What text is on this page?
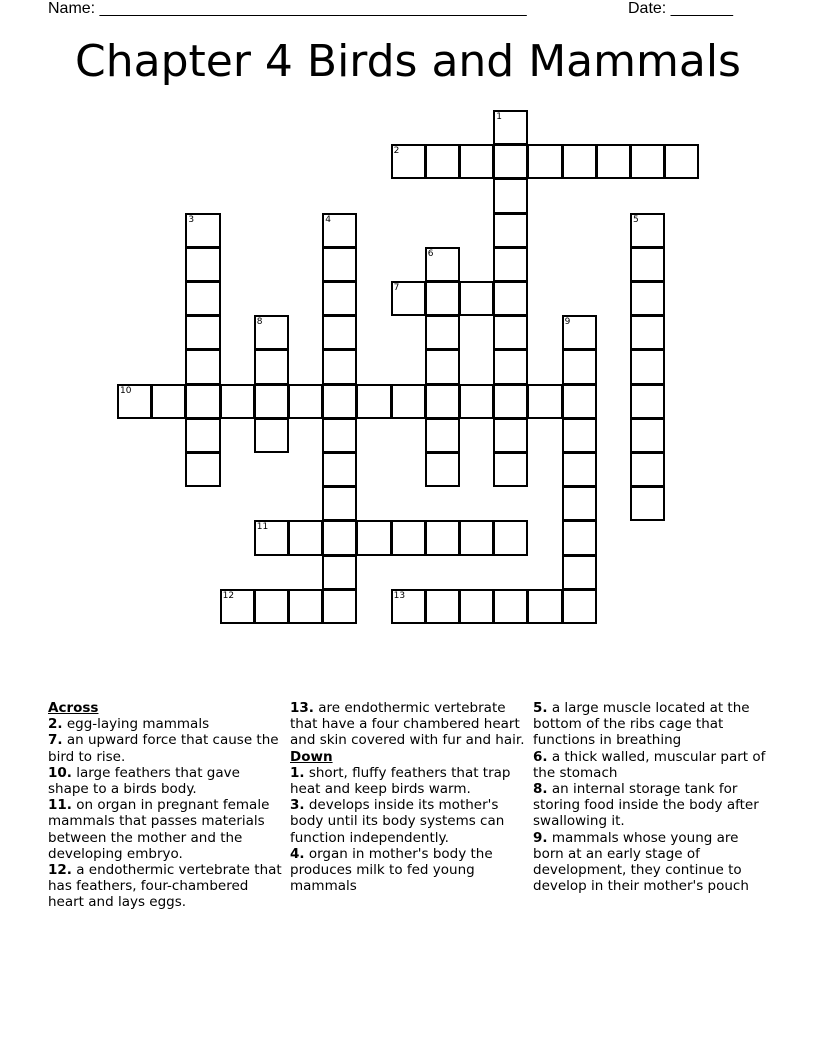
Name: ________________________________________________	Date: _______
Chapter 4 Birds and Mammals
1
2
3	4	5
6
7
8	9
10
11
12	13
Across
2. egg-laying mammals
7. an upward force that cause the bird to rise.
10. large feathers that gave shape to a birds body.
11. on organ in pregnant female mammals that passes materials between the mother and the developing embryo.
12. a endothermic vertebrate that has feathers, four-chambered heart and lays eggs.
13. are endothermic vertebrate that have a four chambered heart and skin covered with fur and hair.
Down
1. short, fluffy feathers that trap heat and keep birds warm.
3. develops inside its mother's body until its body systems can function independently.
4. organ in mother's body the produces milk to fed young mammals
5. a large muscle located at the bottom of the ribs cage that functions in breathing
6. a thick walled, muscular part of the stomach
8. an internal storage tank for storing food inside the body after swallowing it.
9. mammals whose young are born at an early stage of development, they continue to develop in their mother's pouch
